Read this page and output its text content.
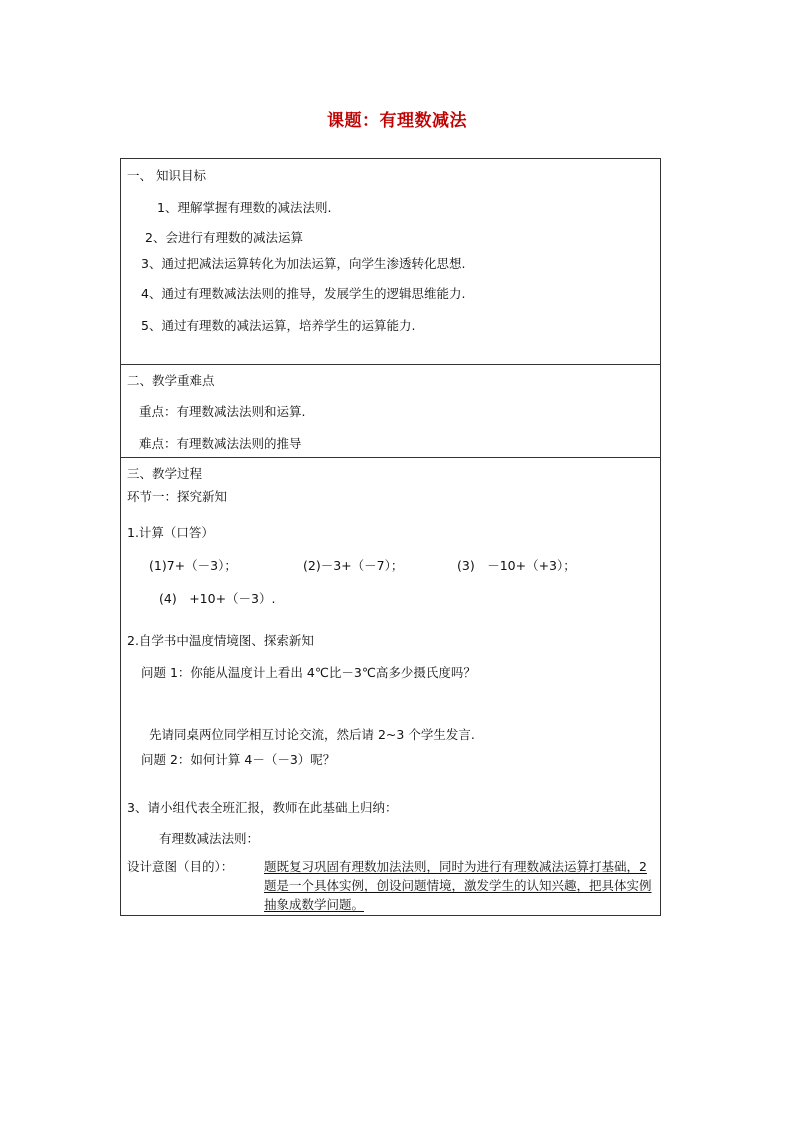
课题：有理数减法
一、 知识目标
1、理解掌握有理数的减法法则.
2、会进行有理数的减法运算
3、通过把减法运算转化为加法运算，向学生渗透转化思想.
4、通过有理数减法法则的推导，发展学生的逻辑思维能力.
5、通过有理数的减法运算，培养学生的运算能力.
二、教学重难点
重点：有理数减法法则和运算.
难点：有理数减法法则的推导
三、教学过程
环节一：探究新知
1.计算（口答）
(1)7+（－3）；	(2)－3+（－7）；	(3)　－10+（+3）；
(4)　+10+（－3）.
2.自学书中温度情境图、探索新知
问题 1：你能从温度计上看出 4℃比－3℃高多少摄氏度吗？
先请同桌两位同学相互讨论交流，然后请 2~3 个学生发言.
问题 2：如何计算 4－（－3）呢？
3、请小组代表全班汇报，教师在此基础上归纳：
有理数减法法则：
设计意图（目的）： 题既复习巩固有理数加法法则，同时为进行有理数减法运算打基础，2 题是一个具体实例，创设问题情境，激发学生的认知兴趣，把具体实例抽象成数学问题。
